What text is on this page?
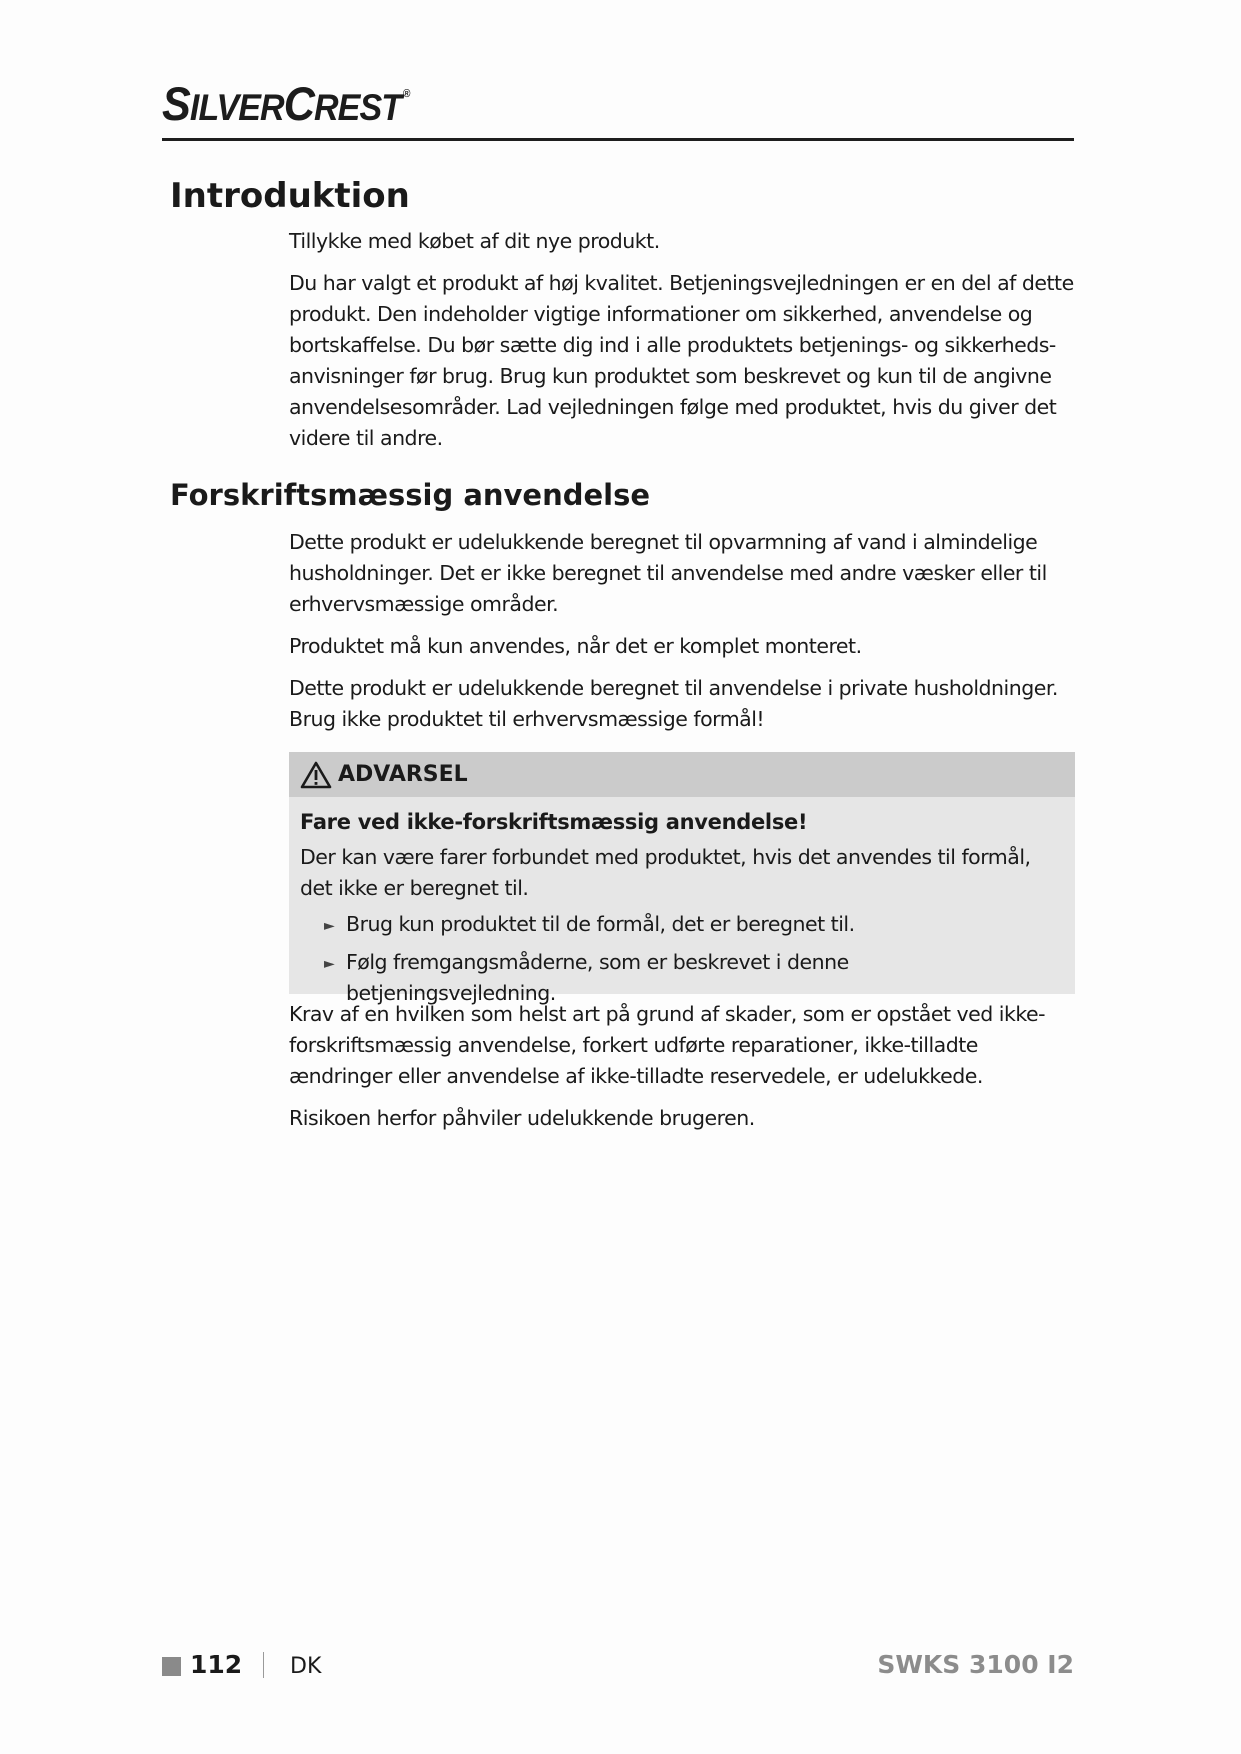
SILVERCREST ®
Introduktion

Tillykke med købet af dit nye produkt.

Du har valgt et produkt af høj kvalitet. Betjeningsvejledningen er en del af dette produkt. Den indeholder vigtige informationer om sikkerhed, anvendelse og bortskaffelse. Du bør sætte dig ind i alle produktets betjenings- og sikkerheds-anvisninger før brug. Brug kun produktet som beskrevet og kun til de angivne anvendelsesområder. Lad vejledningen følge med produktet, hvis du giver det videre til andre.

Forskriftsmæssig anvendelse

Dette produkt er udelukkende beregnet til opvarmning af vand i almindelige husholdninger. Det er ikke beregnet til anvendelse med andre væsker eller til erhvervsmæssige områder.

Produktet må kun anvendes, når det er komplet monteret.

Dette produkt er udelukkende beregnet til anvendelse i private husholdninger. Brug ikke produktet til erhvervsmæssige formål!

ADVARSEL

Fare ved ikke-forskriftsmæssig anvendelse!

Der kan være farer forbundet med produktet, hvis det anvendes til formål, det ikke er beregnet til.

► Brug kun produktet til de formål, det er beregnet til.
► Følg fremgangsmåderne, som er beskrevet i denne betjeningsvejledning.

Krav af en hvilken som helst art på grund af skader, som er opstået ved ikke-forskriftsmæssig anvendelse, forkert udførte reparationer, ikke-tilladte ændringer eller anvendelse af ikke-tilladte reservedele, er udelukkede.

Risikoen herfor påhviler udelukkende brugeren.

112 DK	SWKS 3100 I2
